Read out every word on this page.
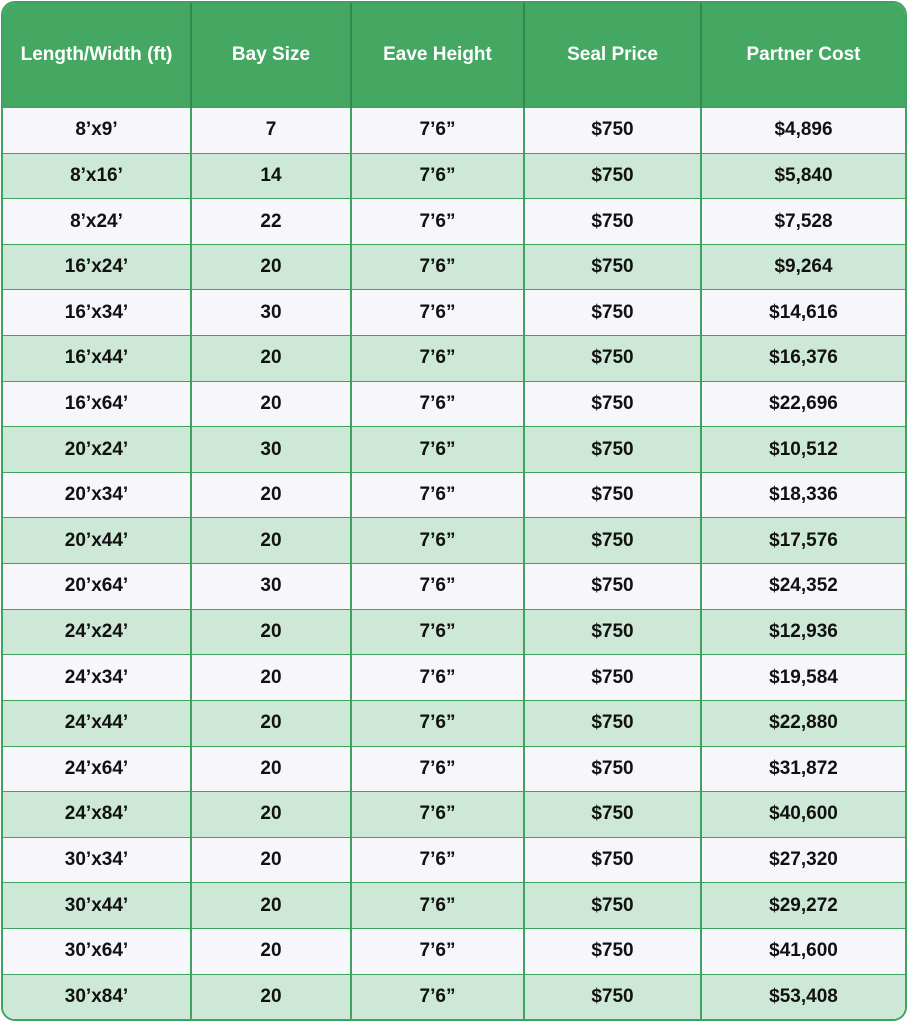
Length/Width (ft)	Bay Size	Eave Height	Seal Price	Partner Cost
8’x9’	7	7’6”	$750	$4,896
8’x16’	14	7’6”	$750	$5,840
8’x24’	22	7’6”	$750	$7,528
16’x24’	20	7’6”	$750	$9,264
16’x34’	30	7’6”	$750	$14,616
16’x44’	20	7’6”	$750	$16,376
16’x64’	20	7’6”	$750	$22,696
20’x24’	30	7’6”	$750	$10,512
20’x34’	20	7’6”	$750	$18,336
20’x44’	20	7’6”	$750	$17,576
20’x64’	30	7’6”	$750	$24,352
24’x24’	20	7’6”	$750	$12,936
24’x34’	20	7’6”	$750	$19,584
24’x44’	20	7’6”	$750	$22,880
24’x64’	20	7’6”	$750	$31,872
24’x84’	20	7’6”	$750	$40,600
30’x34’	20	7’6”	$750	$27,320
30’x44’	20	7’6”	$750	$29,272
30’x64’	20	7’6”	$750	$41,600
30’x84’	20	7’6”	$750	$53,408
